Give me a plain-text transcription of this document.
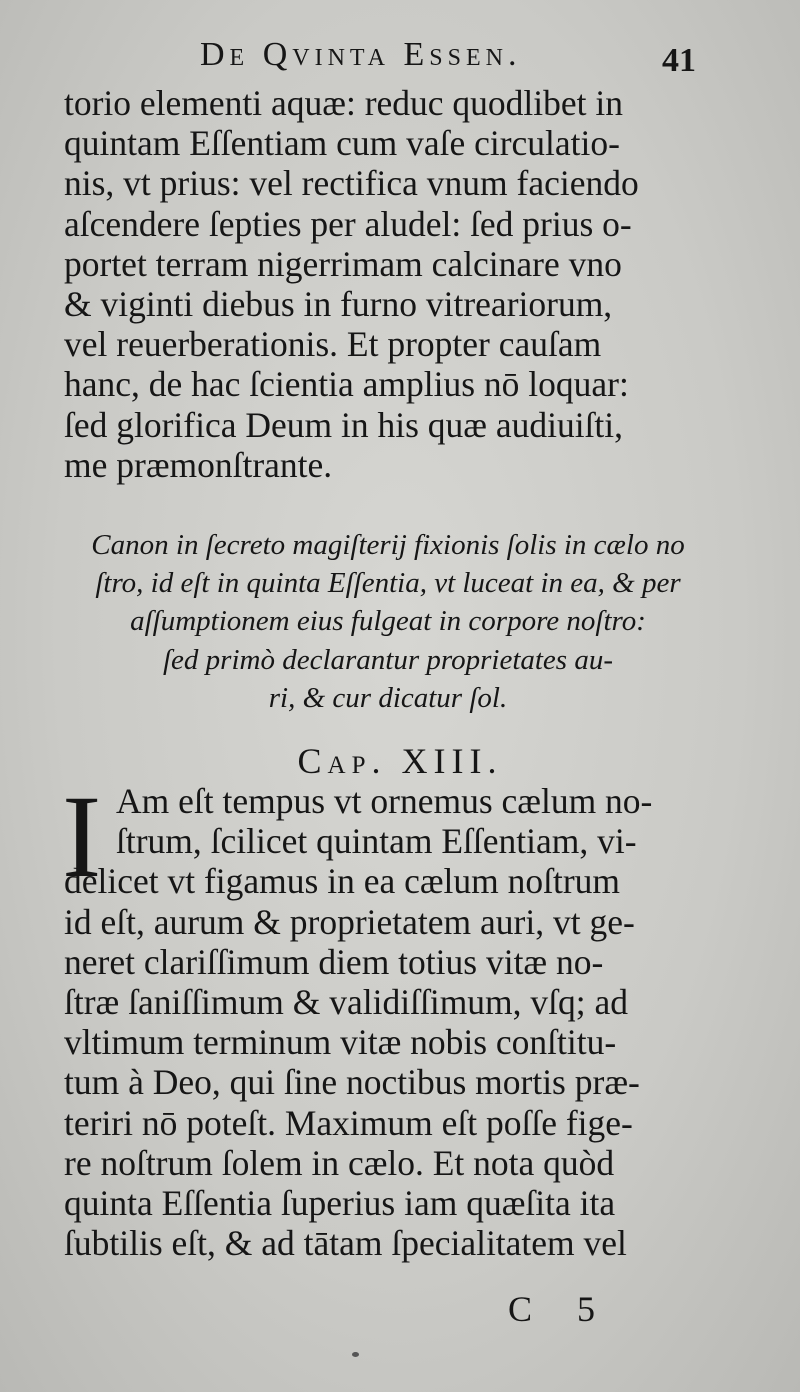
De Qvinta Essen.	41
torio elementi aquæ: reduc quodlibet in
quintam Eſſentiam cum vaſe circulatio-
nis, vt prius: vel rectifica vnum faciendo
aſcendere ſepties per aludel: ſed prius o-
portet terram nigerrimam calcinare vno
& viginti diebus in furno vitreariorum,
vel reuerberationis. Et propter cauſam
hanc, de hac ſcientia amplius nō loquar:
ſed glorifica Deum in his quæ audiuiſti,
me præmonſtrante.
Canon in ſecreto magiſterij fixionis ſolis in cælo no
ſtro, id eſt in quinta Eſſentia, vt luceat in ea, & per
aſſumptionem eius fulgeat in corpore noſtro:
ſed primò declarantur proprietates au-
ri, & cur dicatur ſol.
Cap. XIII.
I Am eſt tempus vt ornemus cælum no-
ſtrum, ſcilicet quintam Eſſentiam, vi-
delicet vt figamus in ea cælum noſtrum
id eſt, aurum & proprietatem auri, vt ge-
neret clariſſimum diem totius vitæ no-
ſtræ ſaniſſimum & validiſſimum, vſq; ad
vltimum terminum vitæ nobis conſtitu-
tum à Deo, qui ſine noctibus mortis præ-
teriri nō poteſt. Maximum eſt poſſe fige-
re noſtrum ſolem in cælo. Et nota quòd
quinta Eſſentia ſuperius iam quæſita ita
ſubtilis eſt, & ad tātam ſpecialitatem vel
C 5
